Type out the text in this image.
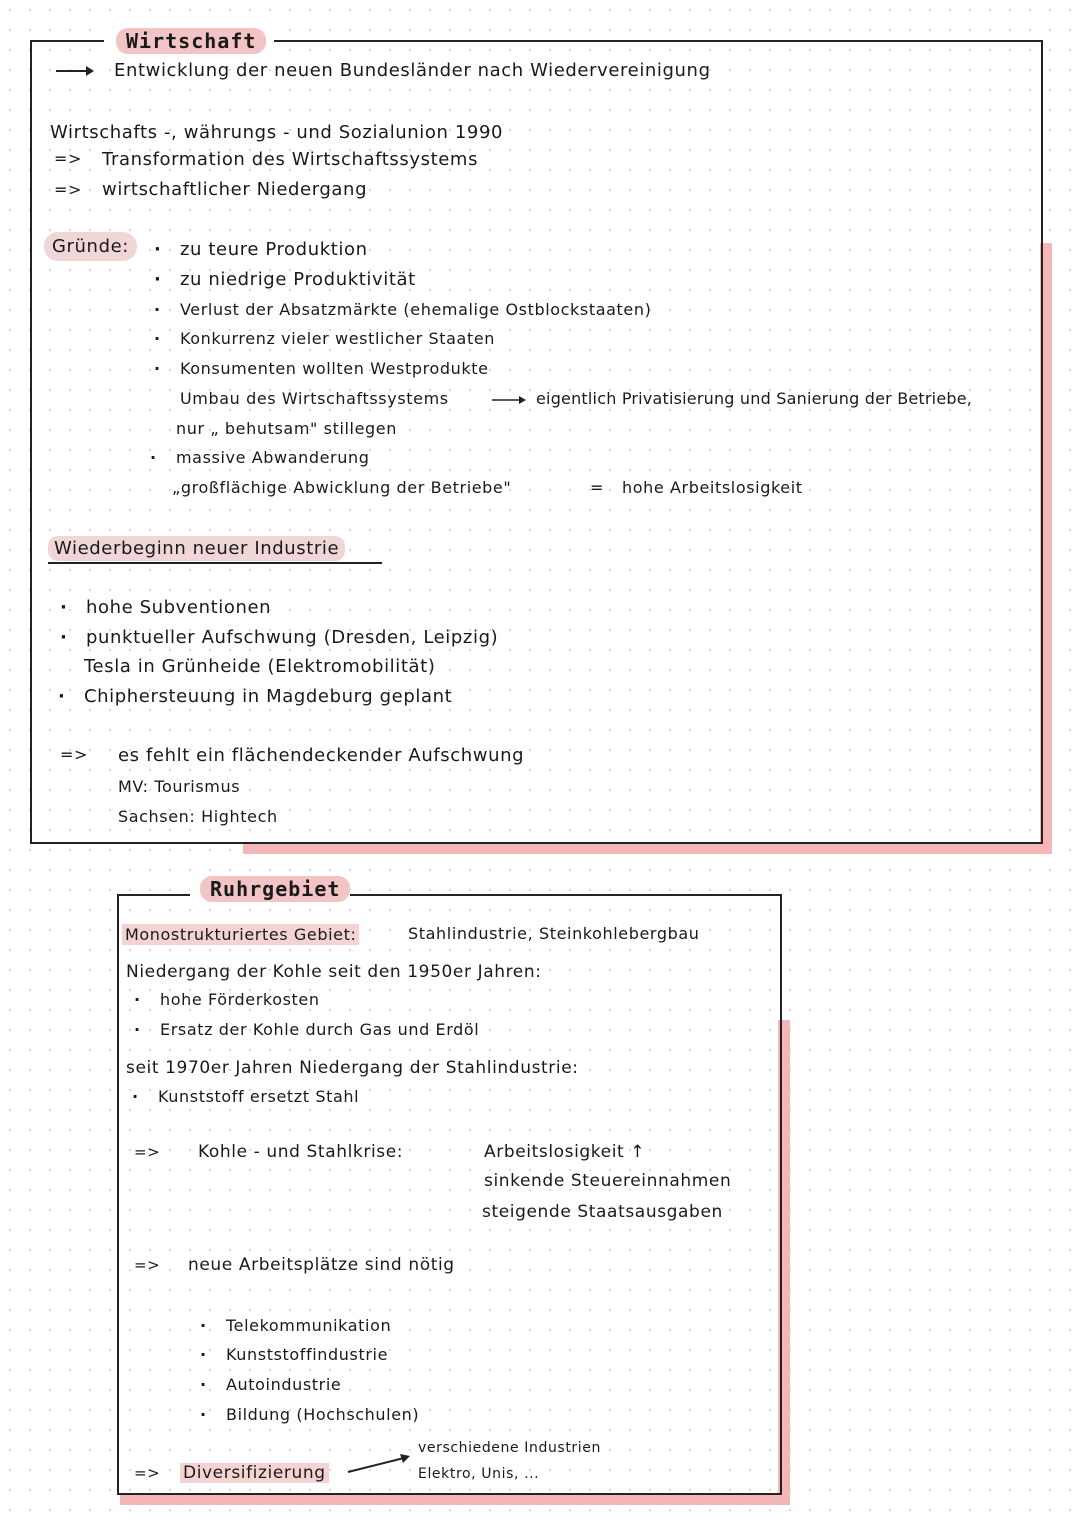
Wirtschaft
Entwicklung der neuen Bundesländer nach Wiedervereinigung
Wirtschafts -, währungs - und Sozialunion 1990
=> Transformation des Wirtschaftssystems
=> wirtschaftlicher Niedergang
Gründe:
·	zu teure Produktion
· zu niedrige Produktivität
· Verlust der Absatzmärkte (ehemalige Ostblockstaaten)
· Konkurrenz vieler westlicher Staaten
· Konsumenten wollten Westprodukte
Umbau des Wirtschaftssystems	eigentlich Privatisierung und Sanierung der Betriebe,
nur „ behutsam" stillegen
· massive Abwanderung
„großflächige Abwicklung der Betriebe"	= hohe Arbeitslosigkeit
Wiederbeginn neuer Industrie
· hohe Subventionen
· punktueller Aufschwung (Dresden, Leipzig)
Tesla in Grünheide (Elektromobilität)
· Chiphersteuung in Magdeburg geplant
=> es fehlt ein flächendeckender Aufschwung
MV: Tourismus
Sachsen: Hightech
Ruhrgebiet
Monostrukturiertes Gebiet:	Stahlindustrie, Steinkohlebergbau
Niedergang der Kohle seit den 1950er Jahren:
· hohe Förderkosten
· Ersatz der Kohle durch Gas und Erdöl
seit 1970er Jahren Niedergang der Stahlindustrie:
· Kunststoff ersetzt Stahl
=> Kohle - und Stahlkrise:	Arbeitslosigkeit ↑
sinkende Steuereinnahmen
steigende Staatsausgaben
=> neue Arbeitsplätze sind nötig
· Telekommunikation
· Kunststoffindustrie
· Autoindustrie
· Bildung (Hochschulen)
=> Diversifizierung
verschiedene Industrien
Elektro, Unis, ...
